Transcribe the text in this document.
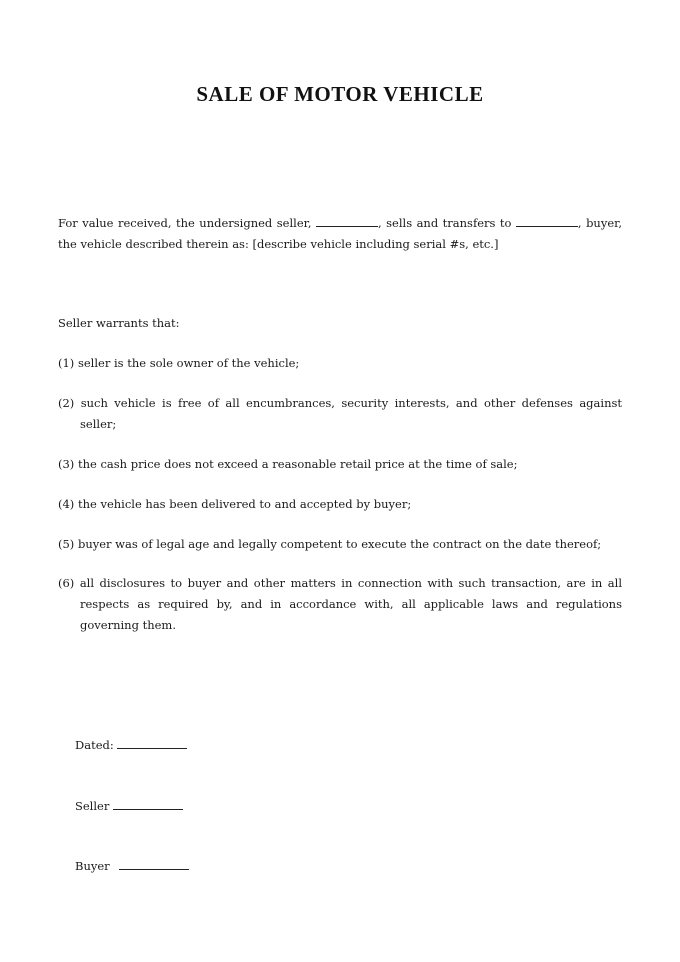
SALE OF MOTOR VEHICLE
For value received, the undersigned seller,	, sells and transfers to	, buyer, the vehicle described therein as: [describe vehicle including serial #s, etc.]
Seller warrants that:
(1) seller is the sole owner of the vehicle;
(2) such vehicle is free of all encumbrances, security interests, and other defenses against seller;
(3) the cash price does not exceed a reasonable retail price at the time of sale;
(4) the vehicle has been delivered to and accepted by buyer;
(5) buyer was of legal age and legally competent to execute the contract on the date thereof;
(6) all disclosures to buyer and other matters in connection with such transaction, are in all respects as required by, and in accordance with, all applicable laws and regulations governing them.
Dated:
Seller
Buyer
